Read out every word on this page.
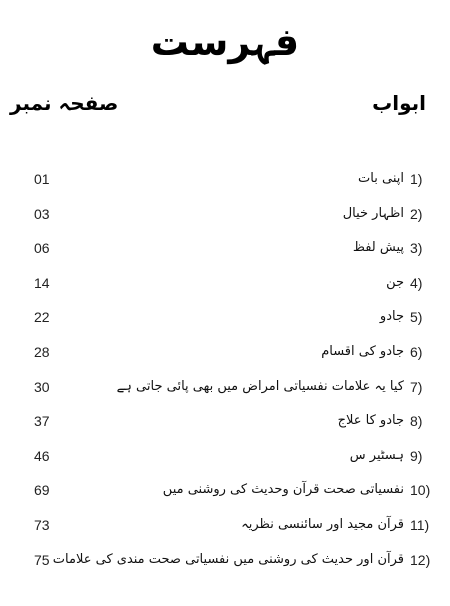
فہرست
ابواب
صفحہ نمبر
01	اپنی بات 1)
03	اظہار خیال 2)
06	پیش لفظ 3)
14	جن 4)
22	جادو 5)
28	جادو کی اقسام 6)
30	کیا یہ علامات نفسیاتی امراض میں بھی پائی جاتی ہے 7)
37	جادو کا علاج 8)
46	ہسٹیر س 9)
69	نفسیاتی صحت قرآن وحدیث کی روشنی میں 10)
73	قرآن مجید اور سائنسی نظریہ 11)
75 قرآن اور حدیث کی روشنی میں نفسیاتی صحت مندی کی علامات 12)
